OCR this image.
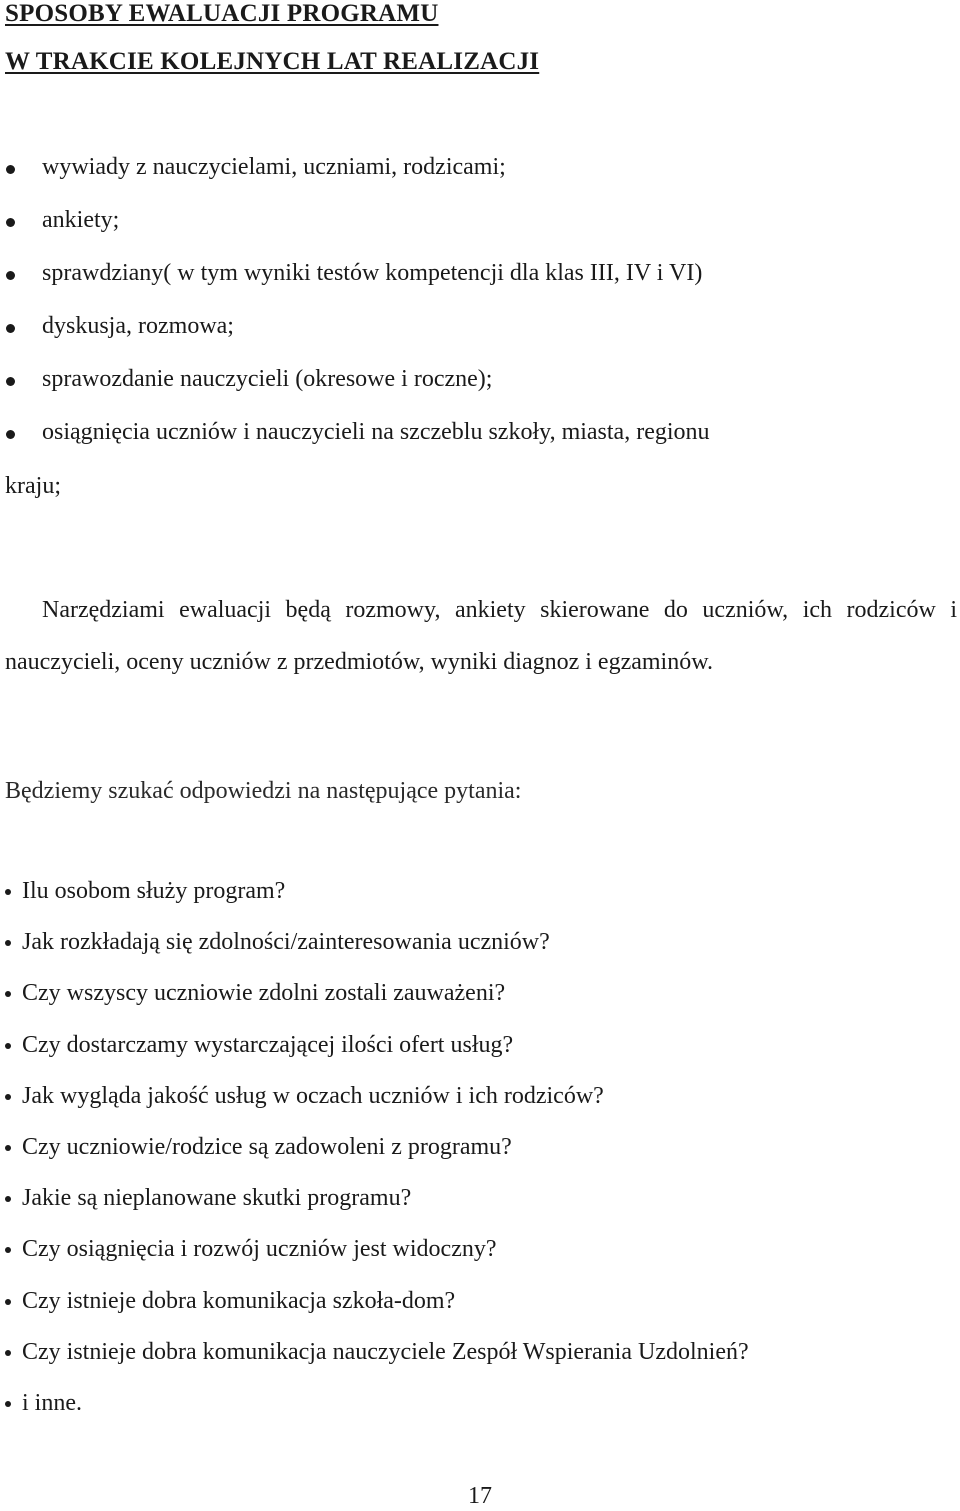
SPOSOBY EWALUACJI PROGRAMU
W TRAKCIE KOLEJNYCH LAT REALIZACJI
wywiady z nauczycielami, uczniami, rodzicami;
ankiety;
sprawdziany( w tym wyniki testów kompetencji dla klas III, IV i VI)
dyskusja, rozmowa;
sprawozdanie nauczycieli (okresowe i roczne);
osiągnięcia uczniów i nauczycieli na szczeblu szkoły, miasta, regionu
kraju;

Narzędziami ewaluacji będą rozmowy, ankiety skierowane do uczniów, ich rodziców i nauczycieli, oceny uczniów z przedmiotów, wyniki diagnoz i egzaminów.

Będziemy szukać odpowiedzi na następujące pytania:
Ilu osobom służy program?
Jak rozkładają się zdolności/zainteresowania uczniów?
Czy wszyscy uczniowie zdolni zostali zauważeni?
Czy dostarczamy wystarczającej ilości ofert usług?
Jak wygląda jakość usług w oczach uczniów i ich rodziców?
Czy uczniowie/rodzice są zadowoleni z programu?
Jakie są nieplanowane skutki programu?
Czy osiągnięcia i rozwój uczniów jest widoczny?
Czy istnieje dobra komunikacja szkoła-dom?
Czy istnieje dobra komunikacja nauczyciele Zespół Wspierania Uzdolnień?
i inne.
17
